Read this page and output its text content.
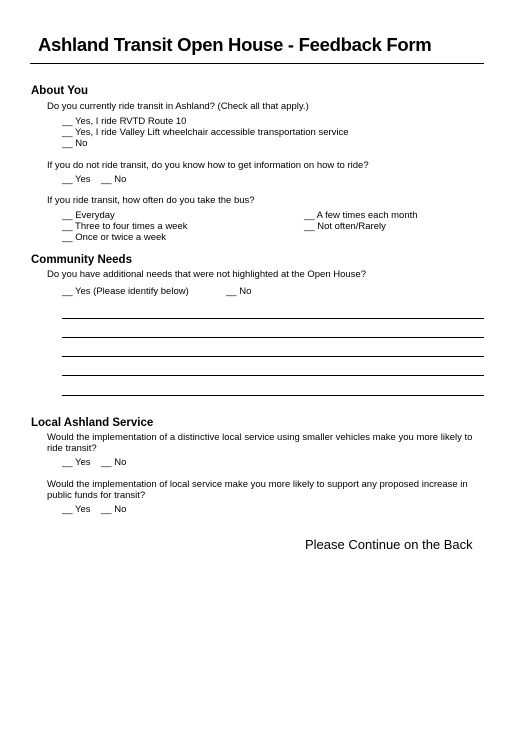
Ashland Transit Open House - Feedback Form
About You
Do you currently ride transit in Ashland? (Check all that apply.)
__ Yes, I ride RVTD Route 10
__ Yes, I ride Valley Lift wheelchair accessible transportation service
__ No
If you do not ride transit, do you know how to get information on how to ride?
__ Yes __ No
If you ride transit, how often do you take the bus?
__ Everyday
__ Three to four times a week
__ Once or twice a week
__ A few times each month
__ Not often/Rarely
Community Needs
Do you have additional needs that were not highlighted at the Open House?
__ Yes (Please identify below)	__ No
Local Ashland Service
Would the implementation of a distinctive local service using smaller vehicles make you more likely to
ride transit?
__ Yes __ No
Would the implementation of local service make you more likely to support any proposed increase in
public funds for transit?
__ Yes __ No
Please Continue on the Back
